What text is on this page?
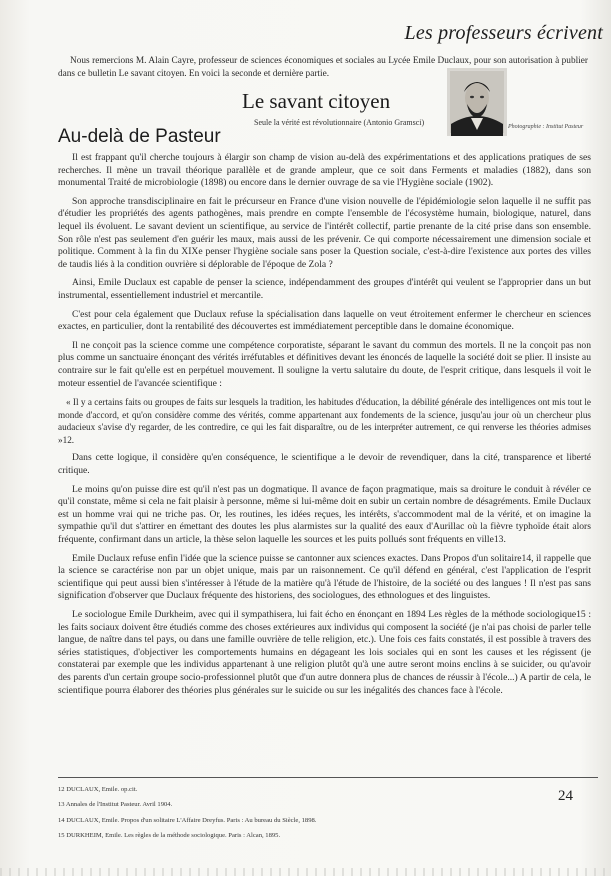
Les professeurs écrivent

Nous remercions M. Alain Cayre, professeur de sciences économiques et sociales au Lycée Emile Duclaux, pour son autorisation à publier dans ce bulletin Le savant citoyen. En voici la seconde et dernière partie.

Le savant citoyen
Seule la vérité est révolutionnaire (Antonio Gramsci)	Photographie : Institut Pasteur
Au-delà de Pasteur

Il est frappant qu'il cherche toujours à élargir son champ de vision au-delà des expérimentations et des applications pratiques de ses recherches. Il mène un travail théorique parallèle et de grande ampleur, que ce soit dans Ferments et maladies (1882), dans son monumental Traité de microbiologie (1898) ou encore dans le dernier ouvrage de sa vie l'Hygiène sociale (1902).

Son approche transdisciplinaire en fait le précurseur en France d'une vision nouvelle de l'épidémiologie selon laquelle il ne suffit pas d'étudier les propriétés des agents pathogènes, mais prendre en compte l'ensemble de l'écosystème humain, biologique, naturel, dans lequel ils évoluent. Le savant devient un scientifique, au service de l'intérêt collectif, partie prenante de la cité prise dans son ensemble. Son rôle n'est pas seulement d'en guérir les maux, mais aussi de les prévenir. Ce qui comporte nécessairement une dimension sociale et politique. Comment à la fin du XIXe penser l'hygiène sociale sans poser la Question sociale, c'est-à-dire l'existence aux portes des villes de taudis liés à la condition ouvrière si déplorable de l'époque de Zola ?

Ainsi, Emile Duclaux est capable de penser la science, indépendamment des groupes d'intérêt qui veulent se l'approprier dans un but instrumental, essentiellement industriel et mercantile.

C'est pour cela également que Duclaux refuse la spécialisation dans laquelle on veut étroitement enfermer le chercheur en sciences exactes, en particulier, dont la rentabilité des découvertes est immédiatement perceptible dans le domaine économique.

Il ne conçoit pas la science comme une compétence corporatiste, séparant le savant du commun des mortels. Il ne la conçoit pas non plus comme un sanctuaire énonçant des vérités irréfutables et définitives devant les énoncés de laquelle la société doit se plier. Il insiste au contraire sur le fait qu'elle est en perpétuel mouvement. Il souligne la vertu salutaire du doute, de l'esprit critique, dans lesquels il voit le moteur essentiel de l'avancée scientifique :

« Il y a certains faits ou groupes de faits sur lesquels la tradition, les habitudes d'éducation, la débilité générale des intelligences ont mis tout le monde d'accord, et qu'on considère comme des vérités, comme appartenant aux fondements de la science, jusqu'au jour où un chercheur plus audacieux s'avise d'y regarder, de les contredire, ce qui les fait disparaître, ou de les interpréter autrement, ce qui renverse les théories admises »12.

Dans cette logique, il considère qu'en conséquence, le scientifique a le devoir de revendiquer, dans la cité, transparence et liberté critique.

Le moins qu'on puisse dire est qu'il n'est pas un dogmatique. Il avance de façon pragmatique, mais sa droiture le conduit à révéler ce qu'il constate, même si cela ne fait plaisir à personne, même si lui-même doit en subir un certain nombre de désagréments. Emile Duclaux est un homme vrai qui ne triche pas. Or, les routines, les idées reçues, les intérêts, s'accommodent mal de la vérité, et on imagine la sympathie qu'il dut s'attirer en émettant des doutes les plus alarmistes sur la qualité des eaux d'Aurillac où la fièvre typhoïde était alors fréquente, confirmant dans un article, la thèse selon laquelle les sources et les puits pollués sont fréquents en ville13.

Emile Duclaux refuse enfin l'idée que la science puisse se cantonner aux sciences exactes. Dans Propos d'un solitaire14, il rappelle que la science se caractérise non par un objet unique, mais par un raisonnement. Ce qu'il défend en général, c'est l'application de l'esprit scientifique qui peut aussi bien s'intéresser à l'étude de la matière qu'à l'étude de l'histoire, de la société ou des langues ! Il n'est pas sans signification d'observer que Duclaux fréquente des historiens, des sociologues, des ethnologues et des linguistes.

Le sociologue Emile Durkheim, avec qui il sympathisera, lui fait écho en énonçant en 1894 Les règles de la méthode sociologique15 : les faits sociaux doivent être étudiés comme des choses extérieures aux individus qui composent la société (je n'ai pas choisi de parler telle langue, de naître dans tel pays, ou dans une famille ouvrière de telle religion, etc.). Une fois ces faits constatés, il est possible à travers des séries statistiques, d'objectiver les comportements humains en dégageant les lois sociales qui en sont les causes et les régissent (je constaterai par exemple que les individus appartenant à une religion plutôt qu'à une autre seront moins enclins à se suicider, ou qu'avoir des parents d'un certain groupe socio-professionnel plutôt que d'un autre donnera plus de chances de réussir à l'école...) A partir de cela, le scientifique pourra élaborer des théories plus générales sur le suicide ou sur les inégalités des chances face à l'école.

12 DUCLAUX, Emile. op.cit.

13 Annales de l'Institut Pasteur. Avril 1904.

14 DUCLAUX, Emile. Propos d'un solitaire L'Affaire Dreyfus. Paris : Au bureau du Siècle, 1898.

15 DURKHEIM, Emile. Les règles de la méthode sociologique. Paris : Alcan, 1895.

24
